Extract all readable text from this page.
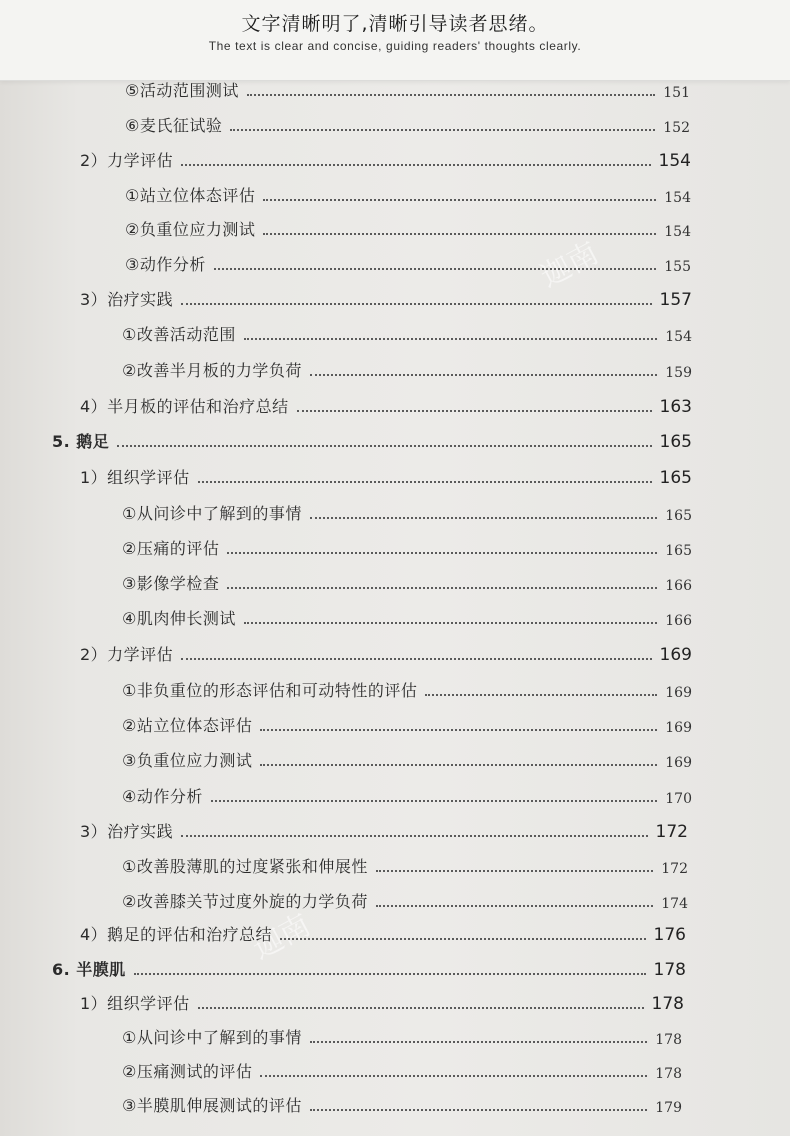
文字清晰明了,清晰引导读者思绪。
The text is clear and concise, guiding readers' thoughts clearly.
迦南
迦南
⑤活动范围测试	151
⑥麦氏征试验	152
2）力学评估	154
①站立位体态评估	154
②负重位应力测试	154
③动作分析	155
3）治疗实践	157
①改善活动范围	154
②改善半月板的力学负荷	159
4）半月板的评估和治疗总结	163
5. 鹅足	165
1）组织学评估	165
①从问诊中了解到的事情	165
②压痛的评估	165
③影像学检查	166
④肌肉伸长测试	166
2）力学评估	169
①非负重位的形态评估和可动特性的评估	169
②站立位体态评估	169
③负重位应力测试	169
④动作分析	170
3）治疗实践	172
①改善股薄肌的过度紧张和伸展性	172
②改善膝关节过度外旋的力学负荷	174
4）鹅足的评估和治疗总结	176
6. 半膜肌	178
1）组织学评估	178
①从问诊中了解到的事情	178
②压痛测试的评估	178
③半膜肌伸展测试的评估	179
